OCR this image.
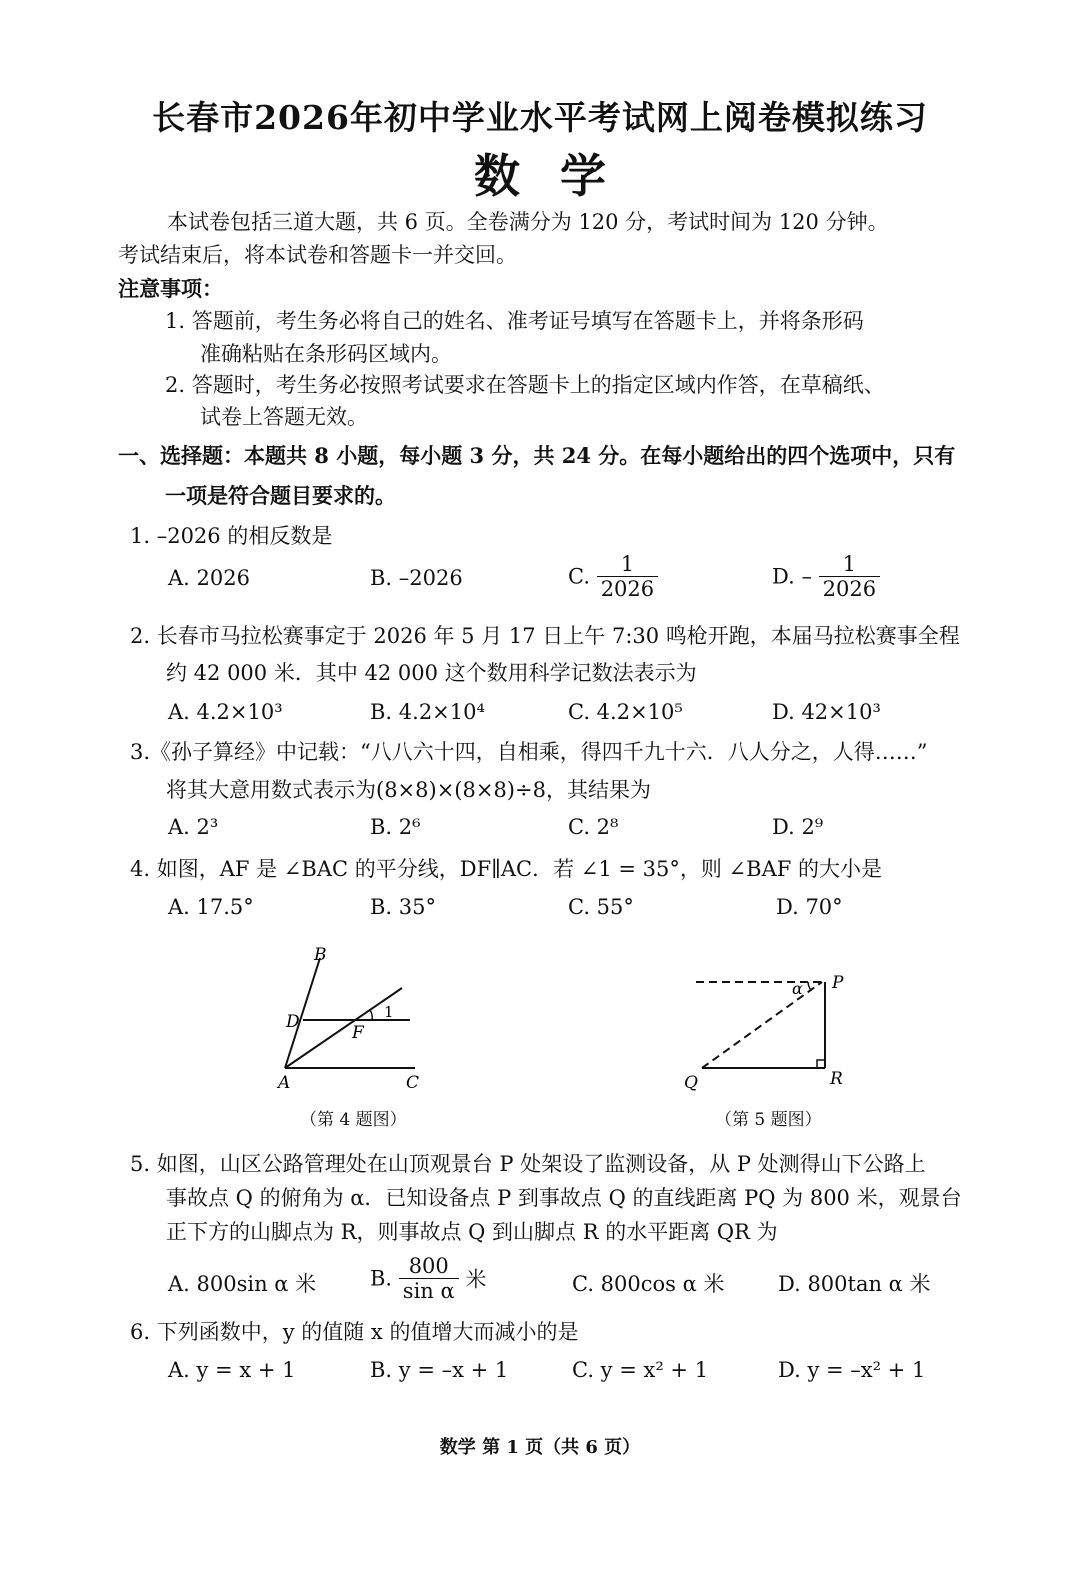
长春市2026年初中学业水平考试网上阅卷模拟练习
数学
本试卷包括三道大题，共 6 页。全卷满分为 120 分，考试时间为 120 分钟。
考试结束后，将本试卷和答题卡一并交回。
注意事项：
1. 答题前，考生务必将自己的姓名、准考证号填写在答题卡上，并将条形码
准确粘贴在条形码区域内。
2. 答题时，考生务必按照考试要求在答题卡上的指定区域内作答，在草稿纸、
试卷上答题无效。
一、选择题：本题共 8 小题，每小题 3 分，共 24 分。在每小题给出的四个选项中，只有
一项是符合题目要求的。
1. –2026 的相反数是
A. 2026	B. –2026	C. $\frac{1}{2026}$	D. – $\frac{1}{2026}$
2. 长春市马拉松赛事定于 2026 年 5 月 17 日上午 7:30 鸣枪开跑，本届马拉松赛事全程
约 42 000 米．其中 42 000 这个数用科学记数法表示为
A. 4.2×10³	B. 4.2×10⁴	C. 4.2×10⁵	D. 42×10³
3.《孙子算经》中记载：“八八六十四，自相乘，得四千九十六．八人分之，人得……”
将其大意用数式表示为(8×8)×(8×8)÷8，其结果为
A. 2³	B. 2⁶	C. 2⁸	D. 2⁹
4. 如图，AF 是 ∠BAC 的平分线，DF∥AC．若 ∠1 = 35°，则 ∠BAF 的大小是
A. 17.5°	B. 35°	C. 55°	D. 70°
B
D
F
A	C
1
（第 4 题图）
α P
Q	R
（第 5 题图）
5. 如图，山区公路管理处在山顶观景台 P 处架设了监测设备，从 P 处测得山下公路上
事故点 Q 的俯角为 α．已知设备点 P 到事故点 Q 的直线距离 PQ 为 800 米，观景台
正下方的山脚点为 R，则事故点 Q 到山脚点 R 的水平距离 QR 为
A. 800sin α 米	B. $\frac{800}{\text{sin α}}$ 米	C. 800cos α 米	D. 800tan α 米
6. 下列函数中，y 的值随 x 的值增大而减小的是
A. y = x + 1	B. y = –x + 1	C. y = x² + 1	D. y = –x² + 1
数学 第 1 页（共 6 页）
